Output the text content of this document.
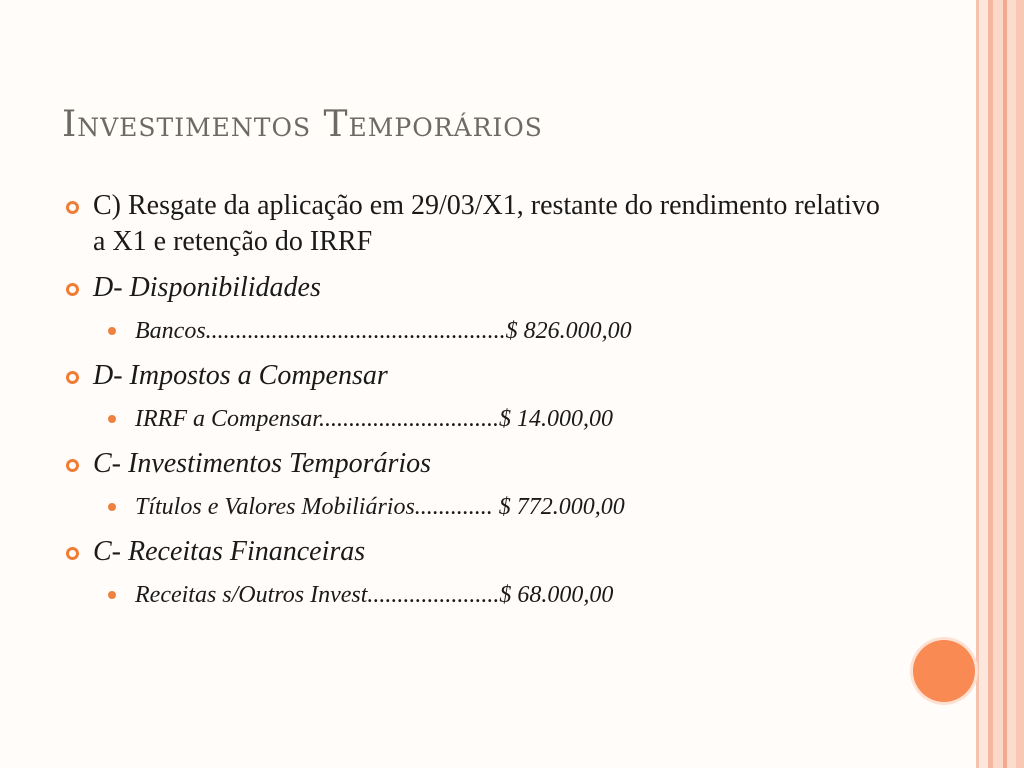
Investimentos Temporários
C) Resgate da aplicação em 29/03/X1, restante do rendimento relativo a X1 e retenção do IRRF
D- Disponibilidades
Bancos..................................................$ 826.000,00
D- Impostos a Compensar
IRRF a Compensar..............................$ 14.000,00
C- Investimentos Temporários
Títulos e Valores Mobiliários............. $ 772.000,00
C- Receitas Financeiras
Receitas s/Outros Invest......................$ 68.000,00
